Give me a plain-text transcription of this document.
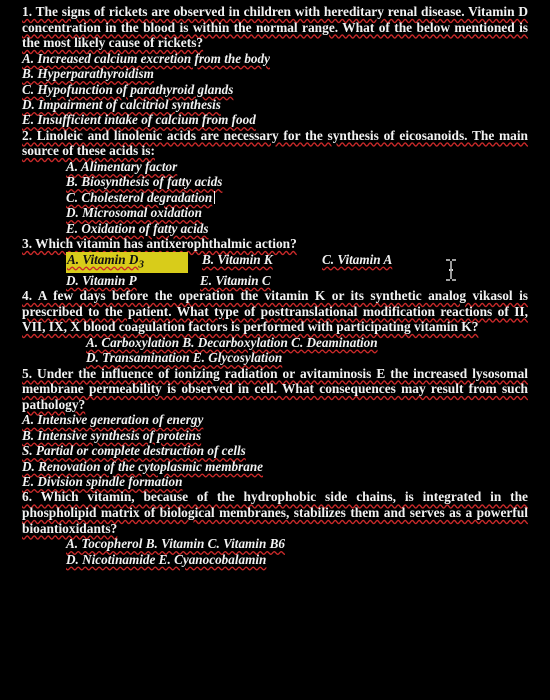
1. The signs of rickets are observed in children with hereditary renal disease. Vitamin D concentration in the blood is within the normal range. What of the below mentioned is the most likely cause of rickets?

A. Increased calcium excretion from the body
B. Hyperparathyroidism
C. Hypofunction of parathyroid glands
D. Impairment of calcitriol synthesis
E. Insufficient intake of calcium from food

2. Linoleic and linolenic acids are necessary for the synthesis of eicosanoids. The main source of these acids is:

A. Alimentary factor
B. Biosynthesis of fatty acids
C. Cholesterol degradation
D. Microsomal oxidation
E. Oxidation of fatty acids

3. Which vitamin has antixerophthalmic action?

A. Vitamin $D_3$	B. Vitamin K	C. Vitamin A
D. Vitamin P	E. Vitamin C

4. A few days before the operation the vitamin K or its synthetic analog vikasol is prescribed to the patient. What type of posttranslational modification reactions of II, VII, IX, X blood coagulation factors is performed with participating vitamin K?

A. Carboxylation B. Decarboxylation C. Deamination
D. Transamination E. Glycosylation

5. Under the influence of ionizing radiation or avitaminosis E the increased lysosomal membrane permeability is observed in cell. What consequences may result from such pathology?

A. Intensive generation of energy
B. Intensive synthesis of proteins
S. Partial or complete destruction of cells
D. Renovation of the cytoplasmic membrane
E. Division spindle formation

6. Which vitamin, because of the hydrophobic side chains, is integrated in the phospholipid matrix of biological membranes, stabilizes them and serves as a powerful bioantioxidants?

A. Tocopherol B. Vitamin C. Vitamin B6
D. Nicotinamide E. Cyanocobalamin
